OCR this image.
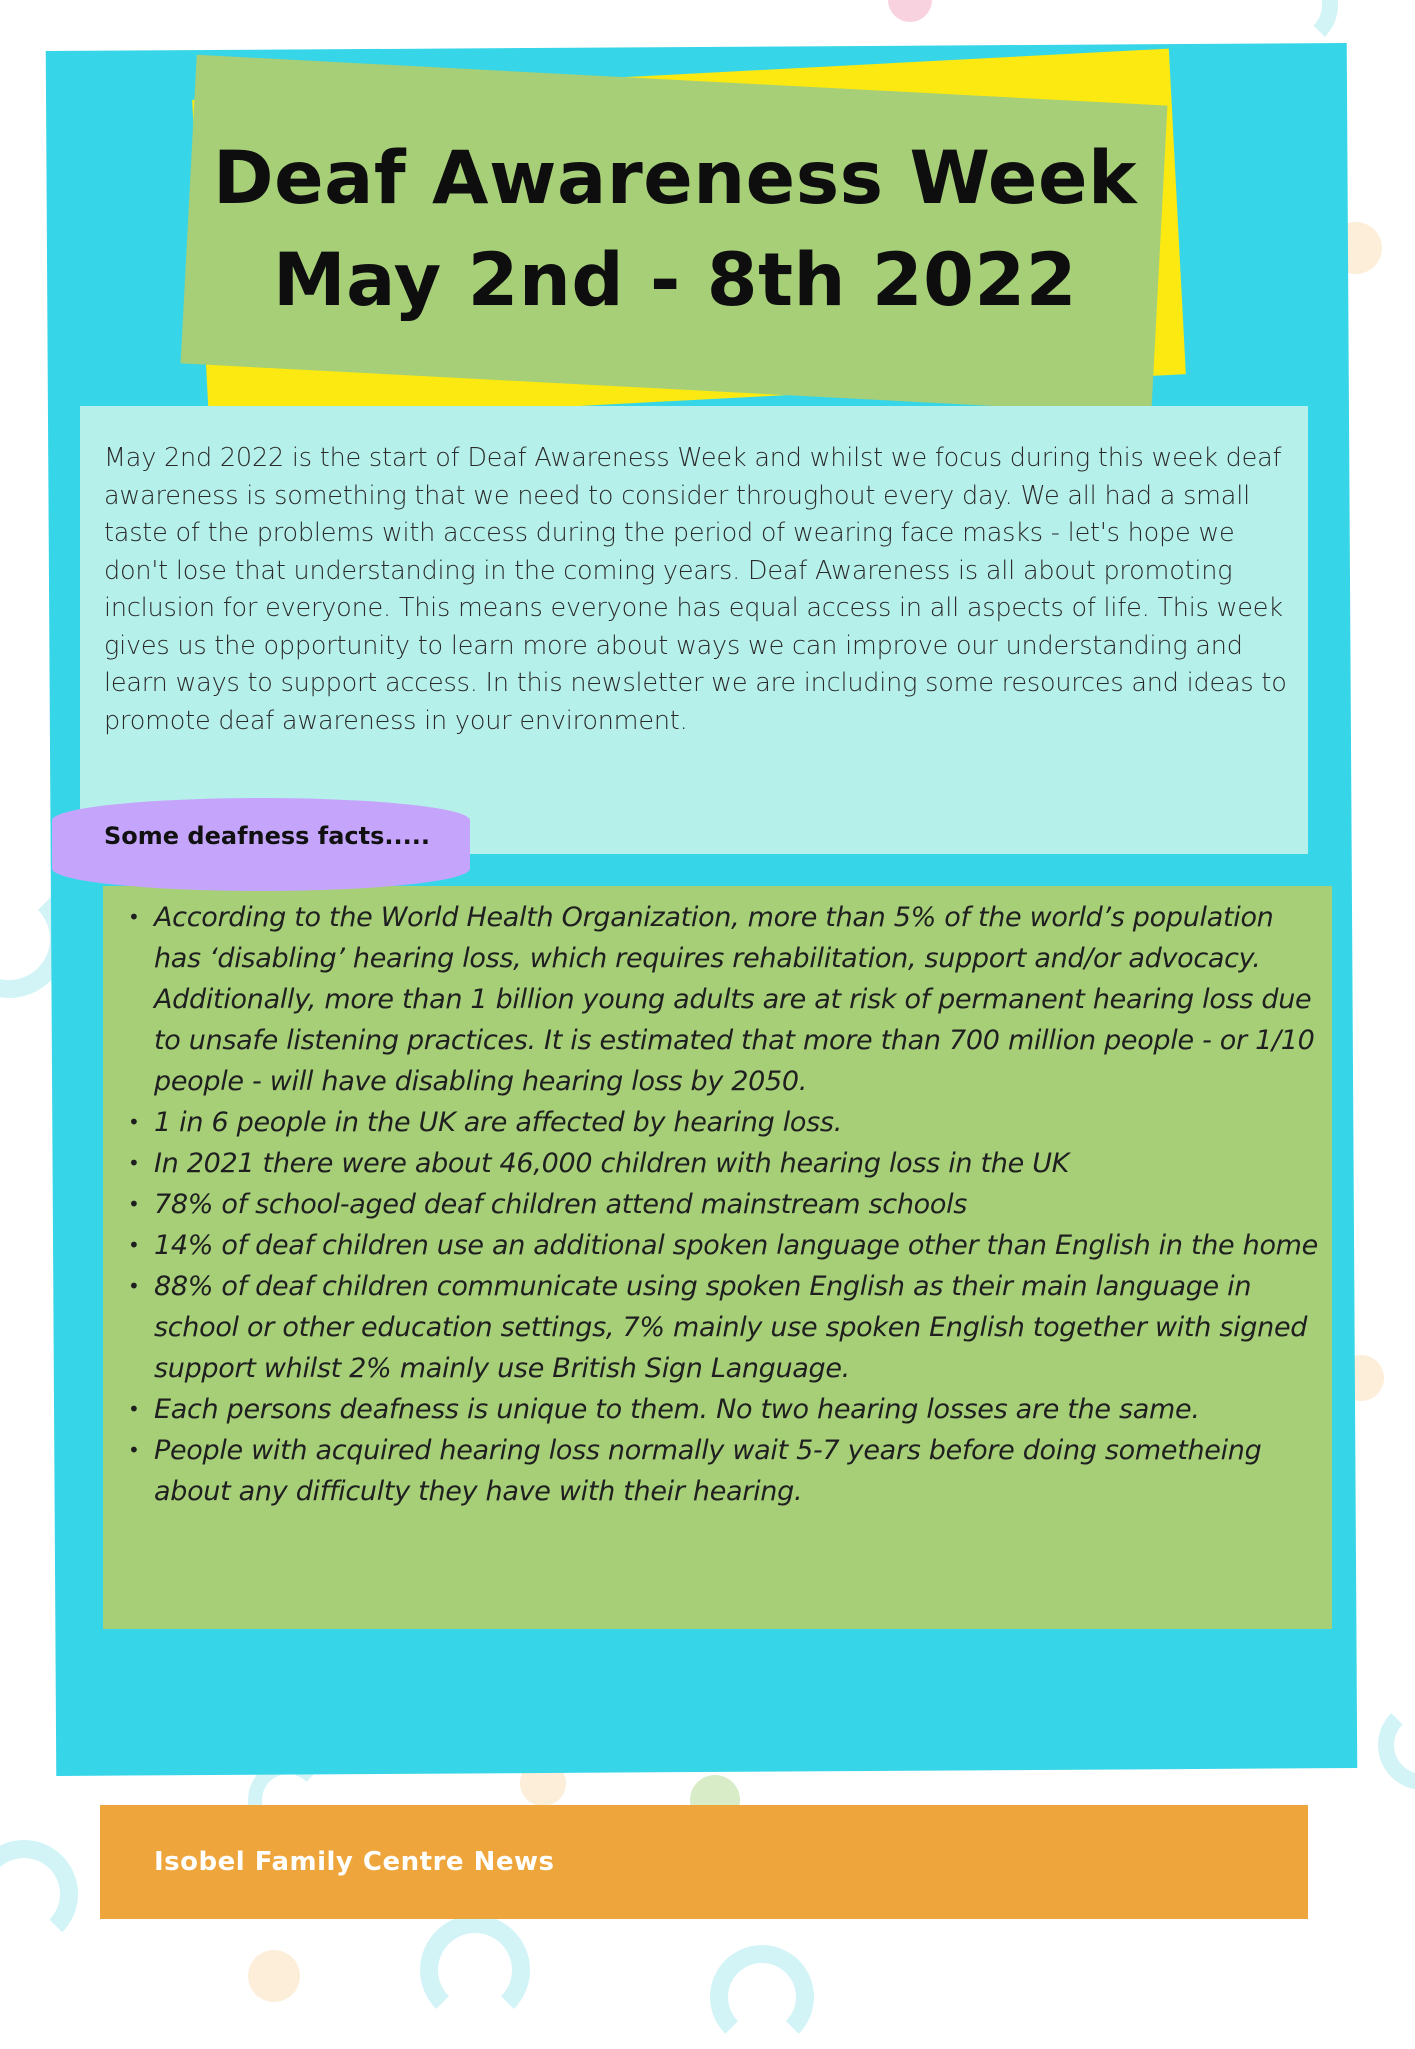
Deaf Awareness Week
May 2nd - 8th 2022
May 2nd 2022 is the start of Deaf Awareness Week and whilst we focus during this week deaf awareness is something that we need to consider throughout every day. We all had a small taste of the problems with access during the period of wearing face masks - let's hope we don't lose that understanding in the coming years. Deaf Awareness is all about promoting inclusion for everyone. This means everyone has equal access in all aspects of life. This week gives us the opportunity to learn more about ways we can improve our understanding and learn ways to support access. In this newsletter we are including some resources and ideas to promote deaf awareness in your environment.
Some deafness facts.....
• According to the World Health Organization, more than 5% of the world’s population has ‘disabling’ hearing loss, which requires rehabilitation, support and/or advocacy. Additionally, more than 1 billion young adults are at risk of permanent hearing loss due to unsafe listening practices. It is estimated that more than 700 million people - or 1/10 people - will have disabling hearing loss by 2050.
• 1 in 6 people in the UK are affected by hearing loss.
• In 2021 there were about 46,000 children with hearing loss in the UK
• 78% of school-aged deaf children attend mainstream schools
• 14% of deaf children use an additional spoken language other than English in the home
• 88% of deaf children communicate using spoken English as their main language in school or other education settings, 7% mainly use spoken English together with signed support whilst 2% mainly use British Sign Language.
• Each persons deafness is unique to them. No two hearing losses are the same.
• People with acquired hearing loss normally wait 5-7 years before doing somethеing about any difficulty they have with their hearing.
Isobel Family Centre News
